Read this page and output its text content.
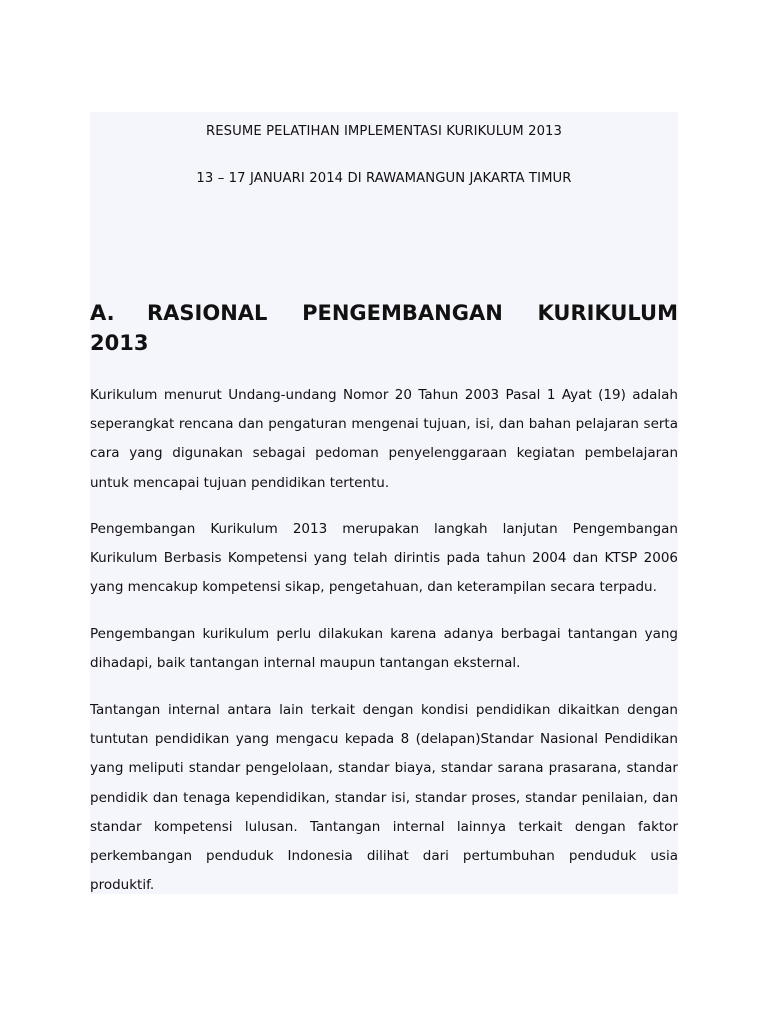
RESUME PELATIHAN IMPLEMENTASI KURIKULUM 2013
13 – 17 JANUARI 2014 DI RAWAMANGUN JAKARTA TIMUR
A. RASIONAL PENGEMBANGAN KURIKULUM 2013

Kurikulum menurut Undang-undang Nomor 20 Tahun 2003 Pasal 1 Ayat (19) adalah seperangkat rencana dan pengaturan mengenai tujuan, isi, dan bahan pelajaran serta cara yang digunakan sebagai pedoman penyelenggaraan kegiatan pembelajaran untuk mencapai tujuan pendidikan tertentu.

Pengembangan Kurikulum 2013 merupakan langkah lanjutan Pengembangan Kurikulum Berbasis Kompetensi yang telah dirintis pada tahun 2004 dan KTSP 2006 yang mencakup kompetensi sikap, pengetahuan, dan keterampilan secara terpadu.

Pengembangan kurikulum perlu dilakukan karena adanya berbagai tantangan yang dihadapi, baik tantangan internal maupun tantangan eksternal.

Tantangan internal antara lain terkait dengan kondisi pendidikan dikaitkan dengan tuntutan pendidikan yang mengacu kepada 8 (delapan)Standar Nasional Pendidikan yang meliputi standar pengelolaan, standar biaya, standar sarana prasarana, standar pendidik dan tenaga kependidikan, standar isi, standar proses, standar penilaian, dan standar kompetensi lulusan. Tantangan internal lainnya terkait dengan faktor perkembangan penduduk Indonesia dilihat dari pertumbuhan penduduk usia produktif.
